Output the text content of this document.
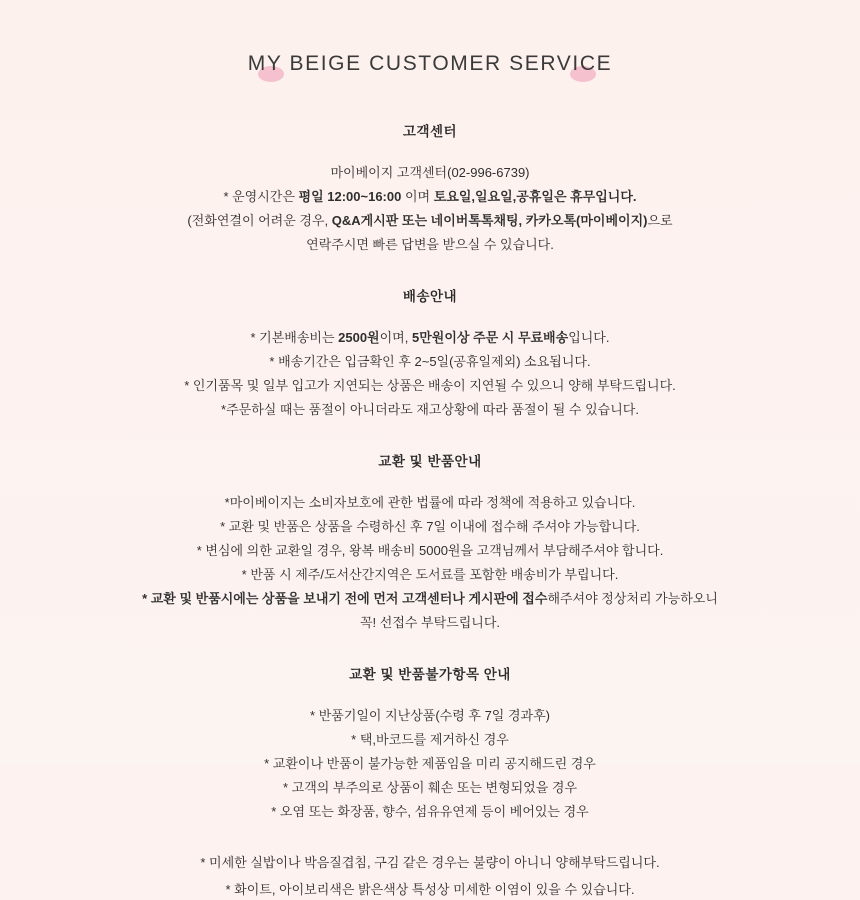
MY BEIGE CUSTOMER SERVICE
고객센터
마이베이지 고객센터(02-996-6739)
* 운영시간은 평일 12:00~16:00 이며 토요일,일요일,공휴일은 휴무입니다.
(전화연결이 어려운 경우, Q&A게시판 또는 네이버톡톡채팅, 카카오톡(마이베이지)으로
연락주시면 빠른 답변을 받으실 수 있습니다.
배송안내
* 기본배송비는 2500원이며, 5만원이상 주문 시 무료배송입니다.
* 배송기간은 입금확인 후 2~5일(공휴일제외) 소요됩니다.
* 인기품목 및 일부 입고가 지연되는 상품은 배송이 지연될 수 있으니 양해 부탁드립니다.
*주문하실 때는 품절이 아니더라도 재고상황에 따라 품절이 될 수 있습니다.
교환 및 반품안내
*마이베이지는 소비자보호에 관한 법률에 따라 정책에 적용하고 있습니다.
* 교환 및 반품은 상품을 수령하신 후 7일 이내에 접수해 주셔야 가능합니다.
* 변심에 의한 교환일 경우, 왕복 배송비 5000원을 고객님께서 부담해주셔야 합니다.
* 반품 시 제주/도서산간지역은 도서료를 포함한 배송비가 부립니다.
* 교환 및 반품시에는 상품을 보내기 전에 먼저 고객센터나 게시판에 접수해주셔야 정상처리 가능하오니
꼭! 선접수 부탁드립니다.
교환 및 반품불가항목 안내
* 반품기일이 지난상품(수령 후 7일 경과후)
* 택,바코드를 제거하신 경우
* 교환이나 반품이 불가능한 제품임을 미리 공지해드린 경우
* 고객의 부주의로 상품이 훼손 또는 변형되었을 경우
* 오염 또는 화장품, 향수, 섬유유연제 등이 베어있는 경우
* 미세한 실밥이나 박음질겹침, 구김 같은 경우는 불량이 아니니 양해부탁드립니다.
* 화이트, 아이보리색은 밝은색상 특성상 미세한 이염이 있을 수 있습니다.
